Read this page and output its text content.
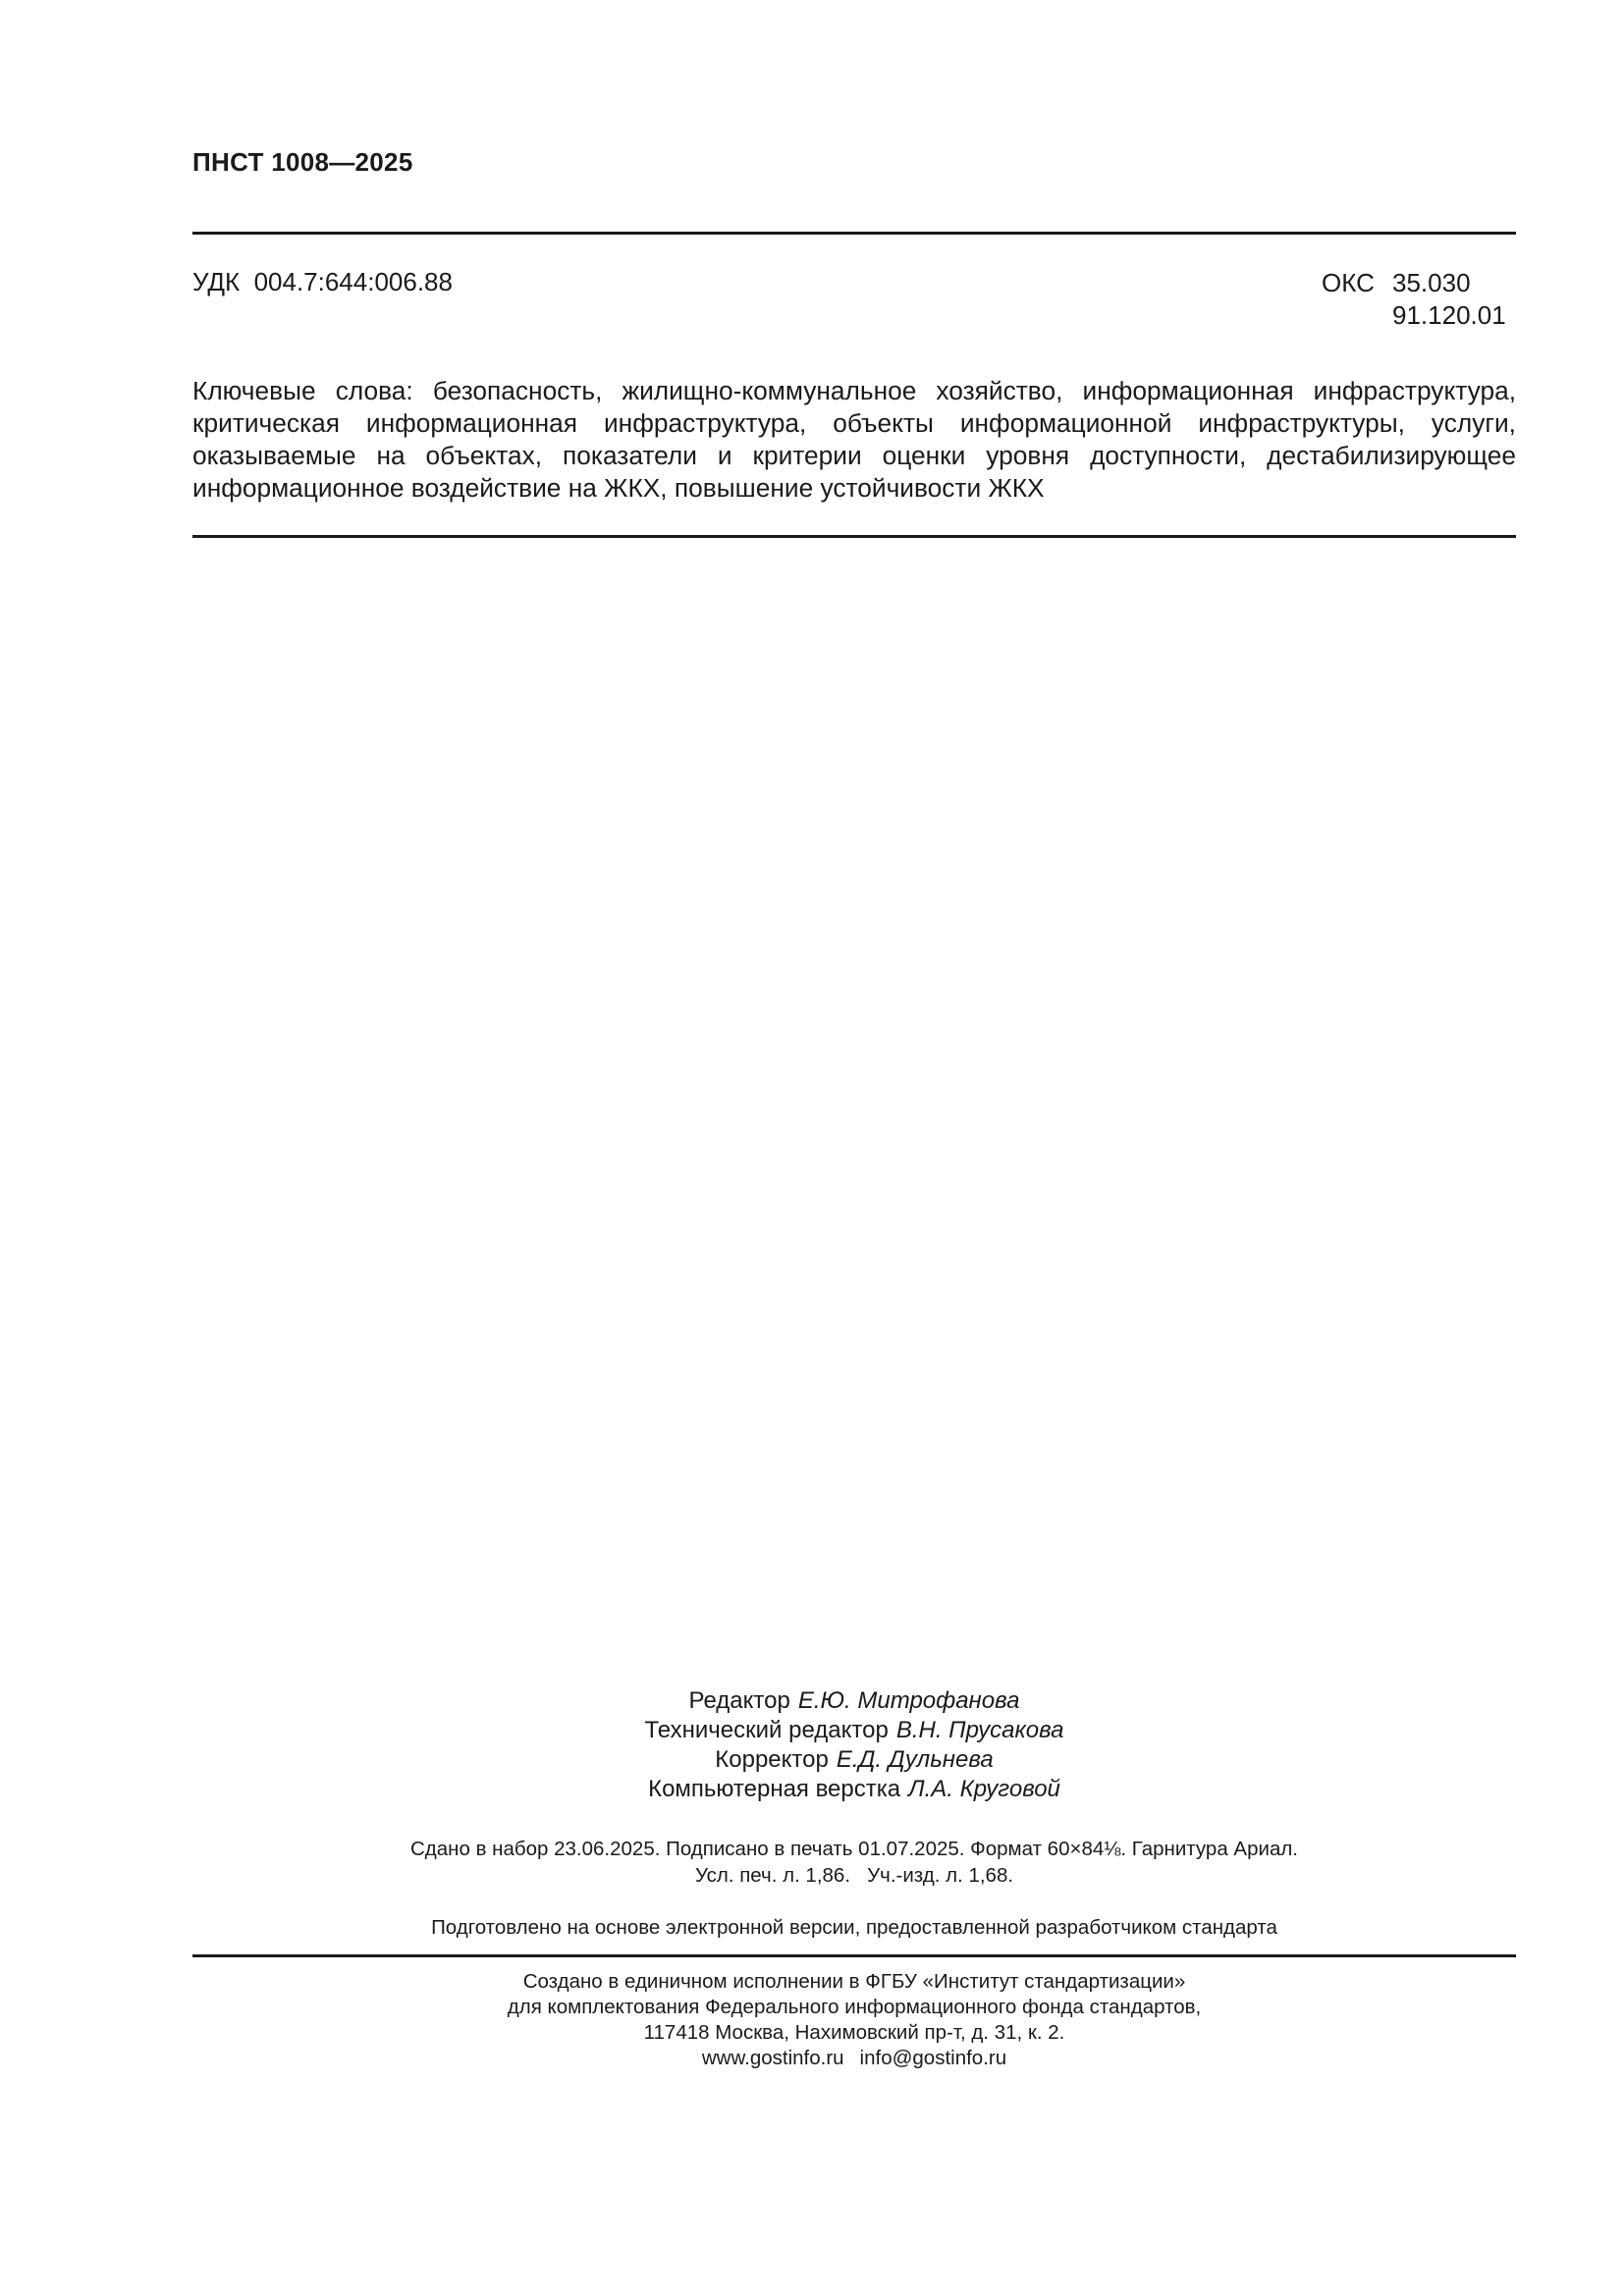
ПНСТ 1008—2025
УДК 004.7:644:006.88	ОКС 35.030
91.120.01
Ключевые слова: безопасность, жилищно-коммунальное хозяйство, информационная инфраструктура, критическая информационная инфраструктура, объекты информационной инфраструктуры, услуги, оказываемые на объектах, показатели и критерии оценки уровня доступности, дестабилизирующее информационное воздействие на ЖКХ, повышение устойчивости ЖКХ
Редактор Е.Ю. Митрофанова
Технический редактор В.Н. Прусакова
Корректор Е.Д. Дульнева
Компьютерная верстка Л.А. Круговой
Сдано в набор 23.06.2025. Подписано в печать 01.07.2025. Формат 60×84⅛. Гарнитура Ариал.
Усл. печ. л. 1,86.   Уч.-изд. л. 1,68.
Подготовлено на основе электронной версии, предоставленной разработчиком стандарта
Создано в единичном исполнении в ФГБУ «Институт стандартизации»
для комплектования Федерального информационного фонда стандартов,
117418 Москва, Нахимовский пр-т, д. 31, к. 2.
www.gostinfo.ru info@gostinfo.ru
